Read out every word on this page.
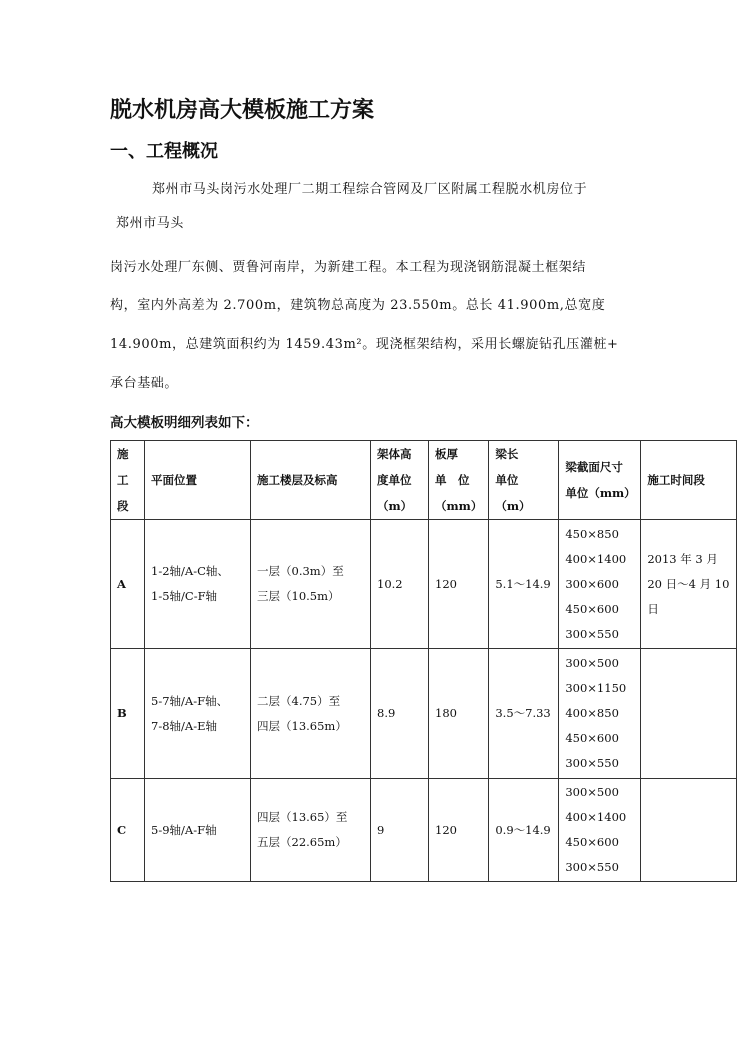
脱水机房高大模板施工方案
一、工程概况
郑州市马头岗污水处理厂二期工程综合管网及厂区附属工程脱水机房位于
郑州市马头
岗污水处理厂东侧、贾鲁河南岸，为新建工程。本工程为现浇钢筋混凝土框架结
构，室内外高差为 2.700m，建筑物总高度为 23.550m。总长 41.900m,总宽度
14.900m，总建筑面积约为 1459.43m²。现浇框架结构，采用长螺旋钻孔压灌桩+
承台基础。
高大模板明细列表如下：
施
工
段	平面位置	施工楼层及标高	架体高
度单位
（m）	板厚
单　位
（mm）	梁长
单位
（m）	梁截面尺寸
单位（mm）	施工时间段

A	1-2轴/A-C轴、
1-5轴/C-F轴	一层（0.3m）至
三层（10.5m）	10.2	120	5.1～14.9	450×850
400×1400
300×600
450×600
300×550	2013 年 3 月
20 日～4 月 10
日

B	5-7轴/A-F轴、
7-8轴/A-E轴	二层（4.75）至
四层（13.65m）	8.9	180	3.5～7.33	300×500
300×1150
400×850
450×600
300×550	

C	5-9轴/A-F轴	四层（13.65）至
五层（22.65m）	9	120	0.9～14.9	300×500
400×1400
450×600
300×550	
